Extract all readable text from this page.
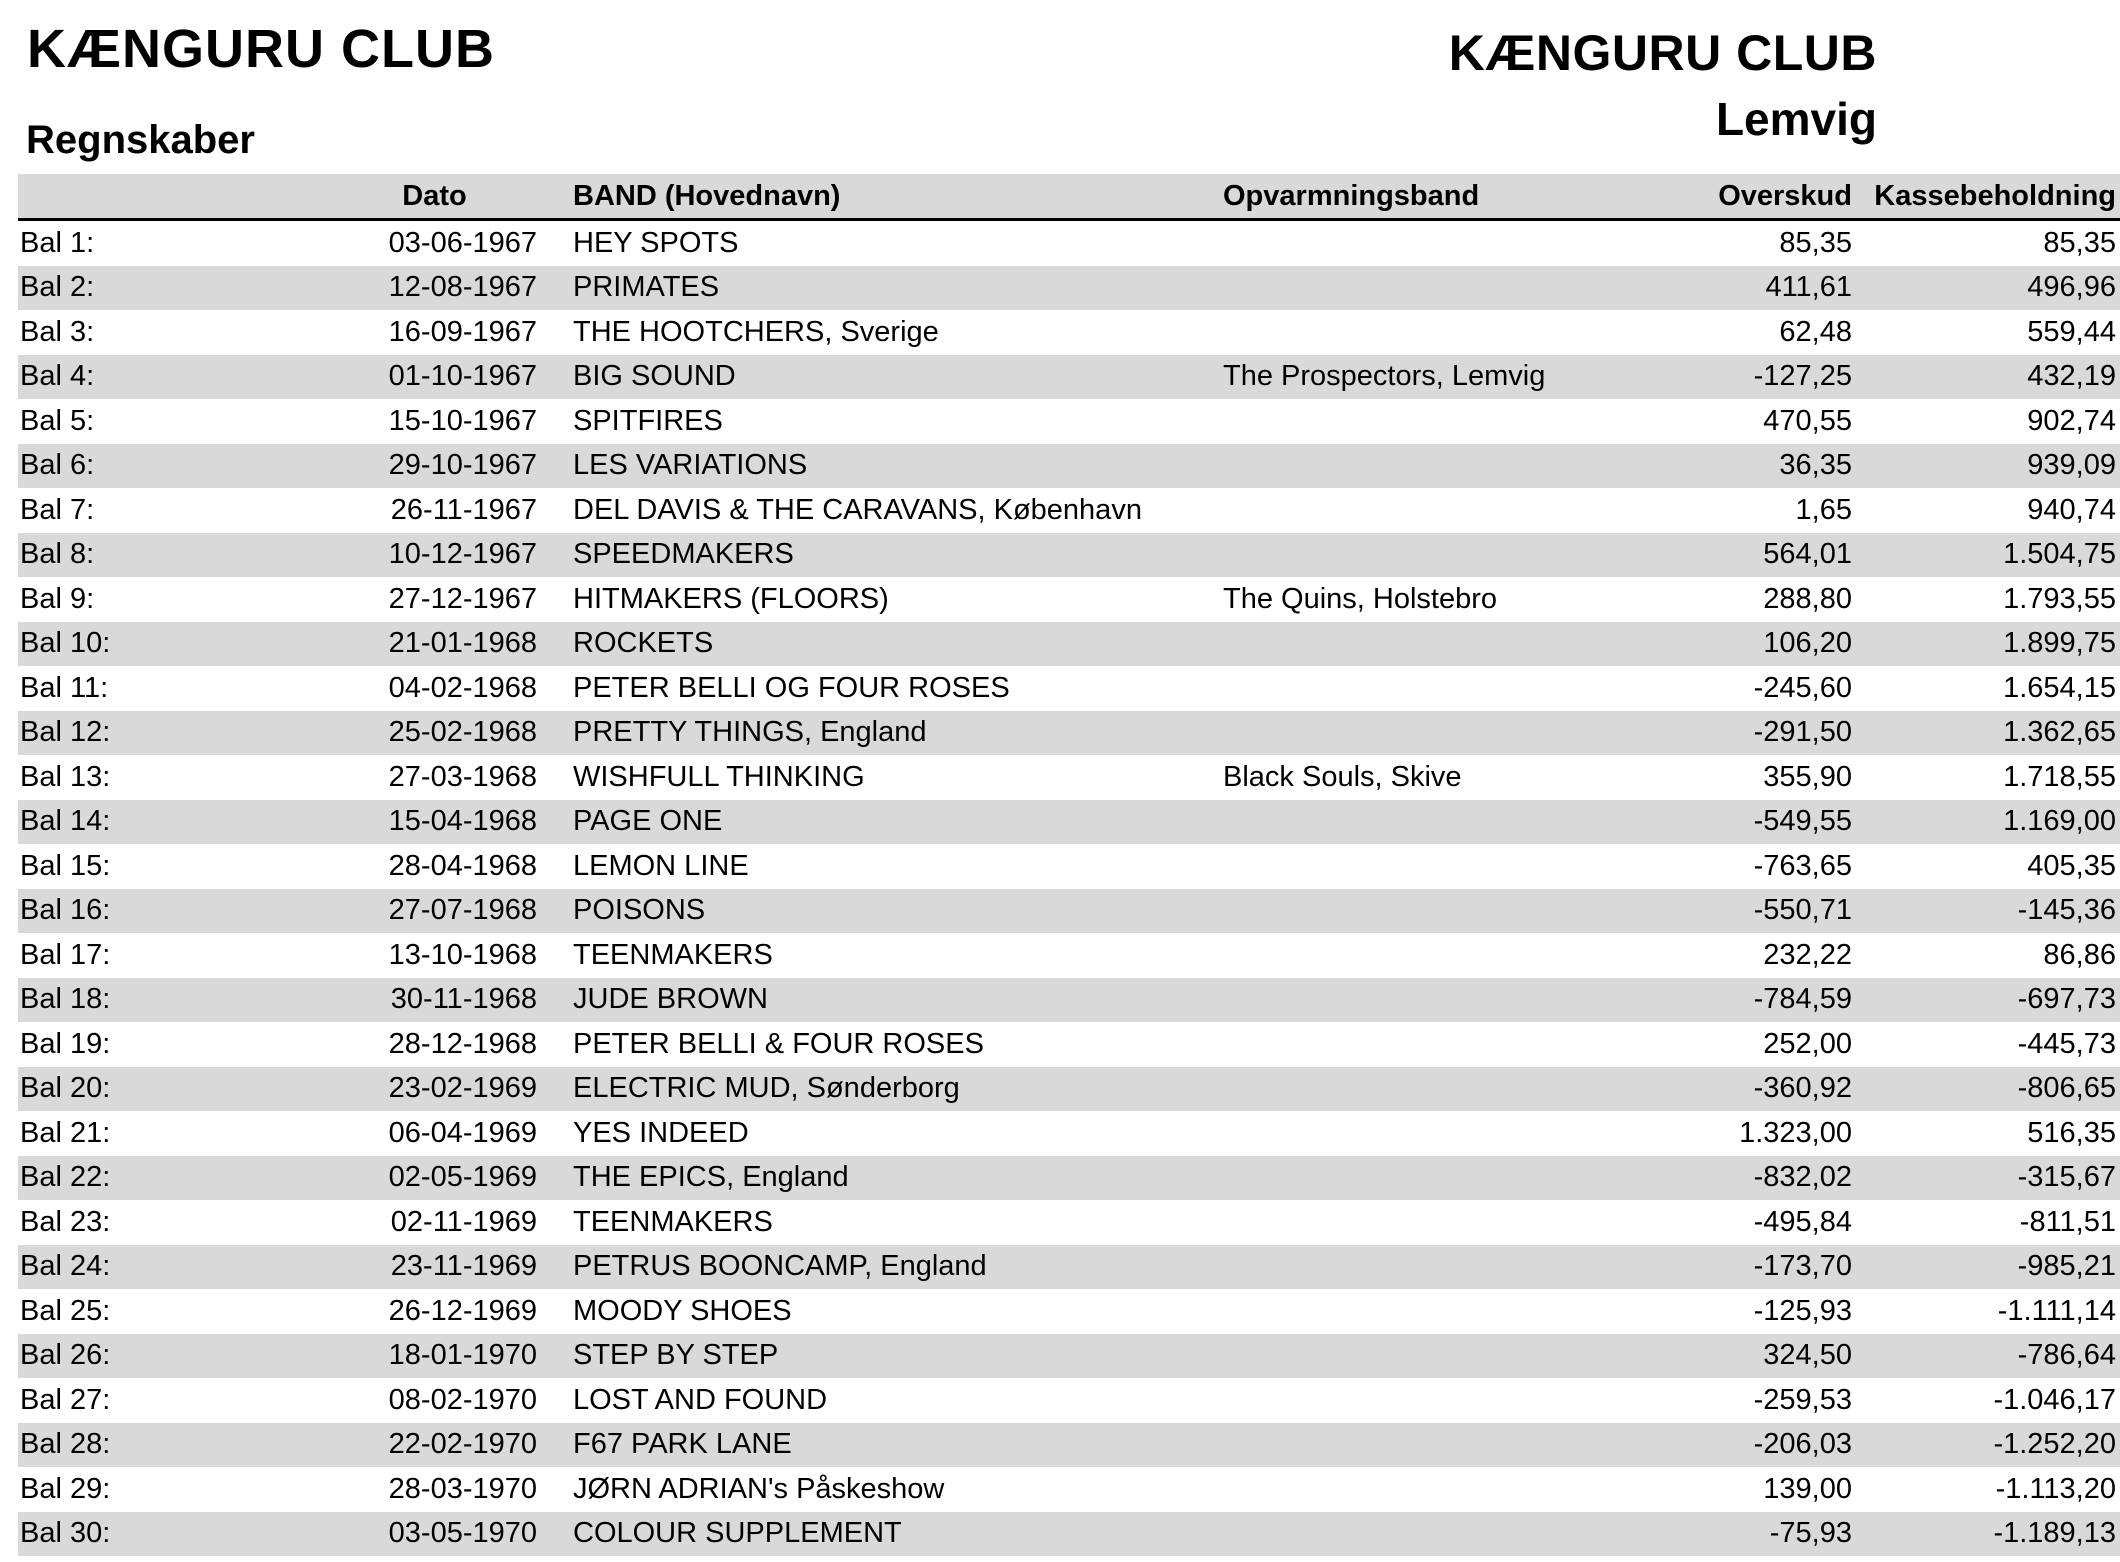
KÆNGURU CLUB
Regnskaber
KÆNGURU CLUB
Lemvig
	Dato	BAND (Hovednavn)	Opvarmningsband	Overskud	Kassebeholdning
Bal 1:	03-06-1967	HEY SPOTS		85,35	85,35
Bal 2:	12-08-1967	PRIMATES		411,61	496,96
Bal 3:	16-09-1967	THE HOOTCHERS, Sverige		62,48	559,44
Bal 4:	01-10-1967	BIG SOUND	The Prospectors, Lemvig	-127,25	432,19
Bal 5:	15-10-1967	SPITFIRES		470,55	902,74
Bal 6:	29-10-1967	LES VARIATIONS		36,35	939,09
Bal 7:	26-11-1967	DEL DAVIS & THE CARAVANS, København		1,65	940,74
Bal 8:	10-12-1967	SPEEDMAKERS		564,01	1.504,75
Bal 9:	27-12-1967	HITMAKERS (FLOORS)	The Quins, Holstebro	288,80	1.793,55
Bal 10:	21-01-1968	ROCKETS		106,20	1.899,75
Bal 11:	04-02-1968	PETER BELLI OG FOUR ROSES		-245,60	1.654,15
Bal 12:	25-02-1968	PRETTY THINGS, England		-291,50	1.362,65
Bal 13:	27-03-1968	WISHFULL THINKING	Black Souls, Skive	355,90	1.718,55
Bal 14:	15-04-1968	PAGE ONE		-549,55	1.169,00
Bal 15:	28-04-1968	LEMON LINE		-763,65	405,35
Bal 16:	27-07-1968	POISONS		-550,71	-145,36
Bal 17:	13-10-1968	TEENMAKERS		232,22	86,86
Bal 18:	30-11-1968	JUDE BROWN		-784,59	-697,73
Bal 19:	28-12-1968	PETER BELLI & FOUR ROSES		252,00	-445,73
Bal 20:	23-02-1969	ELECTRIC MUD, Sønderborg		-360,92	-806,65
Bal 21:	06-04-1969	YES INDEED		1.323,00	516,35
Bal 22:	02-05-1969	THE EPICS, England		-832,02	-315,67
Bal 23:	02-11-1969	TEENMAKERS		-495,84	-811,51
Bal 24:	23-11-1969	PETRUS BOONCAMP, England		-173,70	-985,21
Bal 25:	26-12-1969	MOODY SHOES		-125,93	-1.111,14
Bal 26:	18-01-1970	STEP BY STEP		324,50	-786,64
Bal 27:	08-02-1970	LOST AND FOUND		-259,53	-1.046,17
Bal 28:	22-02-1970	F67 PARK LANE		-206,03	-1.252,20
Bal 29:	28-03-1970	JØRN ADRIAN's Påskeshow		139,00	-1.113,20
Bal 30:	03-05-1970	COLOUR SUPPLEMENT		-75,93	-1.189,13
